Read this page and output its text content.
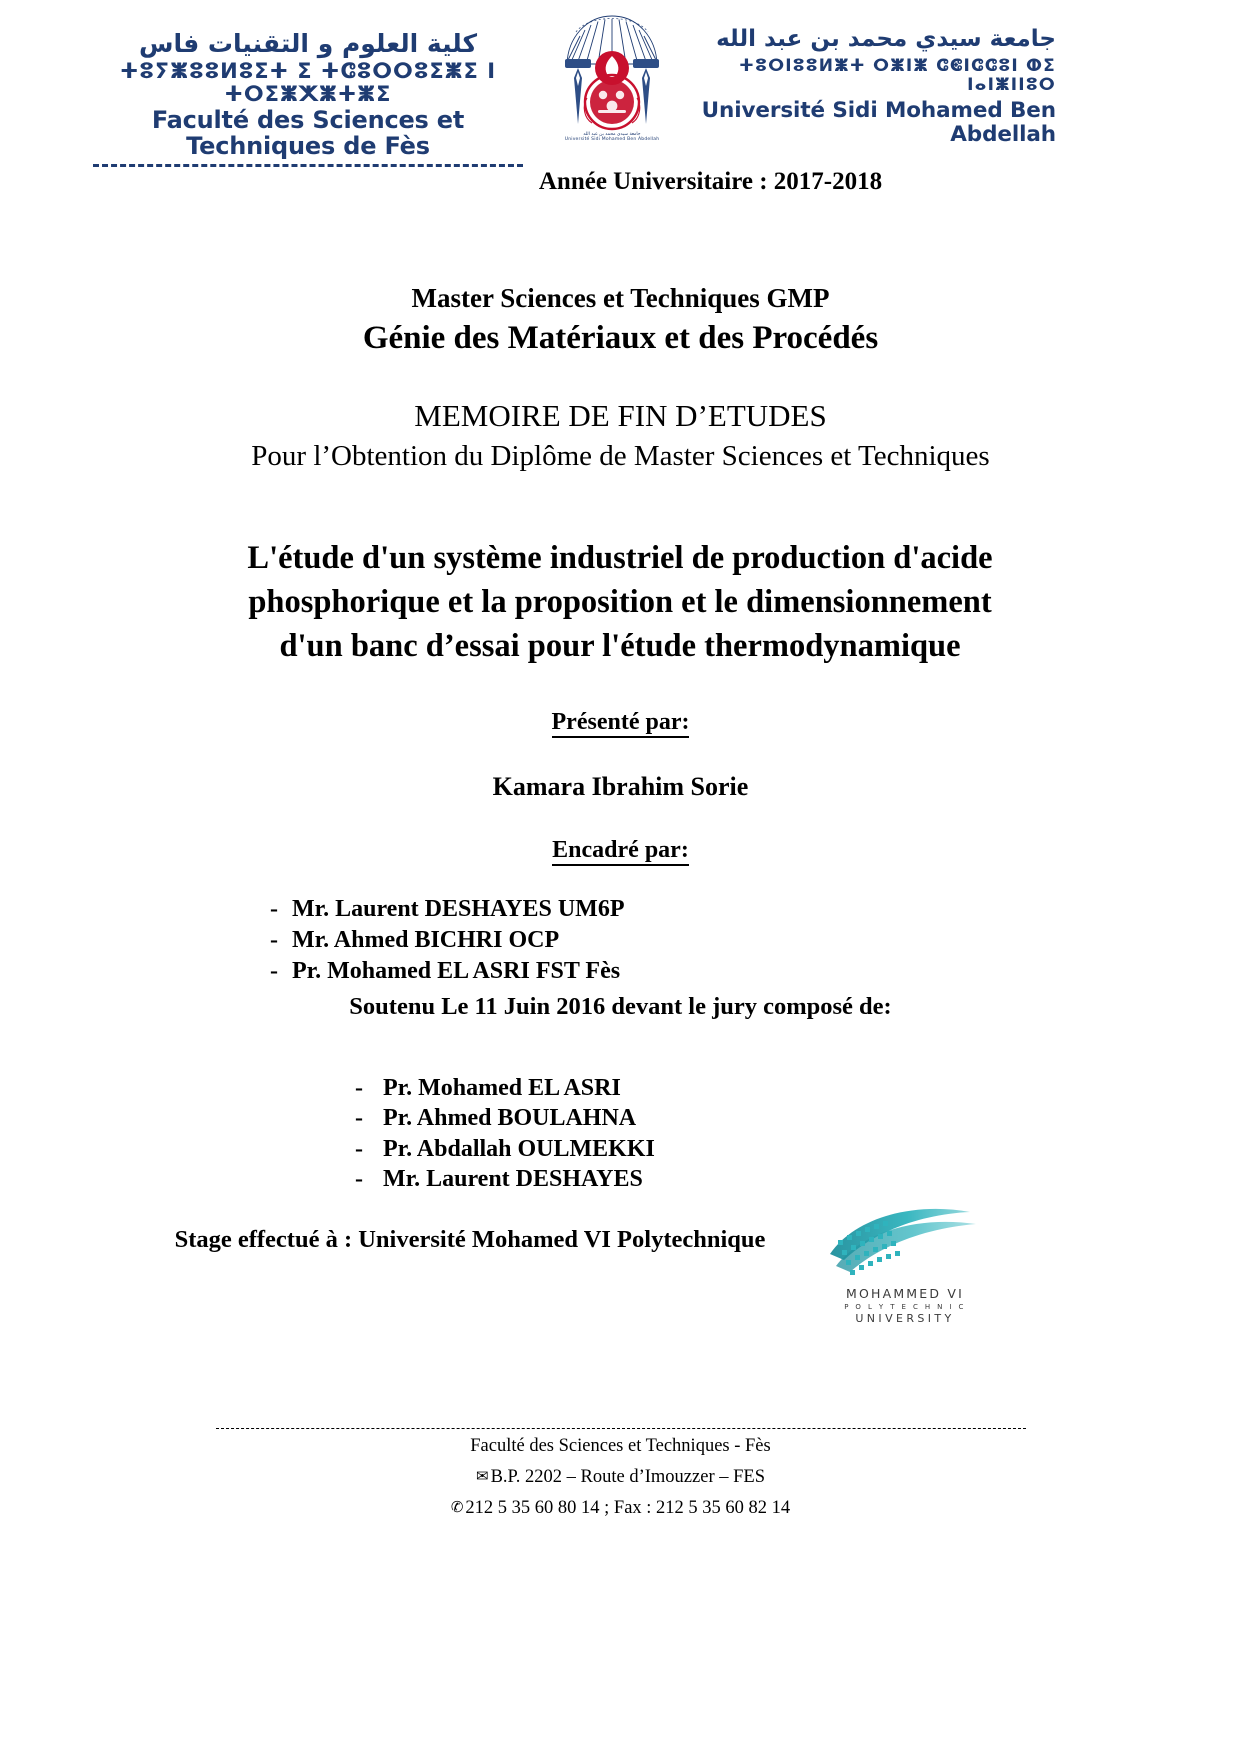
كلية العلوم و التقنيات فاس
ⵜⵓⵢⵥⵓⵓⵍⵓⵉⵜ ⵉ ⵜⵛⵓⵔⵔⵓⵉⵥⵉ ⵏ ⵜⵔⵉⵥⵅⵥⵜⵥⵉ
Faculté des Sciences et Techniques de Fès	جامعة سيدي محمد بن عبد الله
Université Sidi Mohamed Ben Abdellah
جامعة سيدي محمد بن عبد الله
ⵜⵓⵔⵏⵓⵓⵍⵥⵜ ⵔⵥⵏⵥ ⵛⵞⵏⵛⵛⵓⵏ ⵀⵉ ⵏⴰⵏⵥⵏⵏⵓⵔ
Université Sidi Mohamed Ben Abdellah
Année Universitaire : 2017-2018
Master Sciences et Techniques GMP
Génie des Matériaux et des Procédés
MEMOIRE DE FIN D’ETUDES
Pour l’Obtention du Diplôme de Master Sciences et Techniques
L'étude d'un système industriel de production d'acide
phosphorique et la proposition et le dimensionnement
d'un banc d’essai pour l'étude thermodynamique
Présenté par:
Kamara Ibrahim Sorie
Encadré par:
- Mr. Laurent DESHAYES UM6P
- Mr. Ahmed BICHRI OCP
- Pr. Mohamed EL ASRI FST Fès
Soutenu Le 11 Juin 2016 devant le jury composé de:
- Pr. Mohamed EL ASRI
- Pr. Ahmed BOULAHNA
- Pr. Abdallah OULMEKKI
- Mr. Laurent DESHAYES
Stage effectué à : Université Mohamed VI Polytechnique
MOHAMMED VI
P O L Y T E C H N I C
UNIVERSITY
Faculté des Sciences et Techniques - Fès
✉ B.P. 2202 – Route d’Imouzzer – FES
✆ 212 5 35 60 80 14 ; Fax : 212 5 35 60 82 14
